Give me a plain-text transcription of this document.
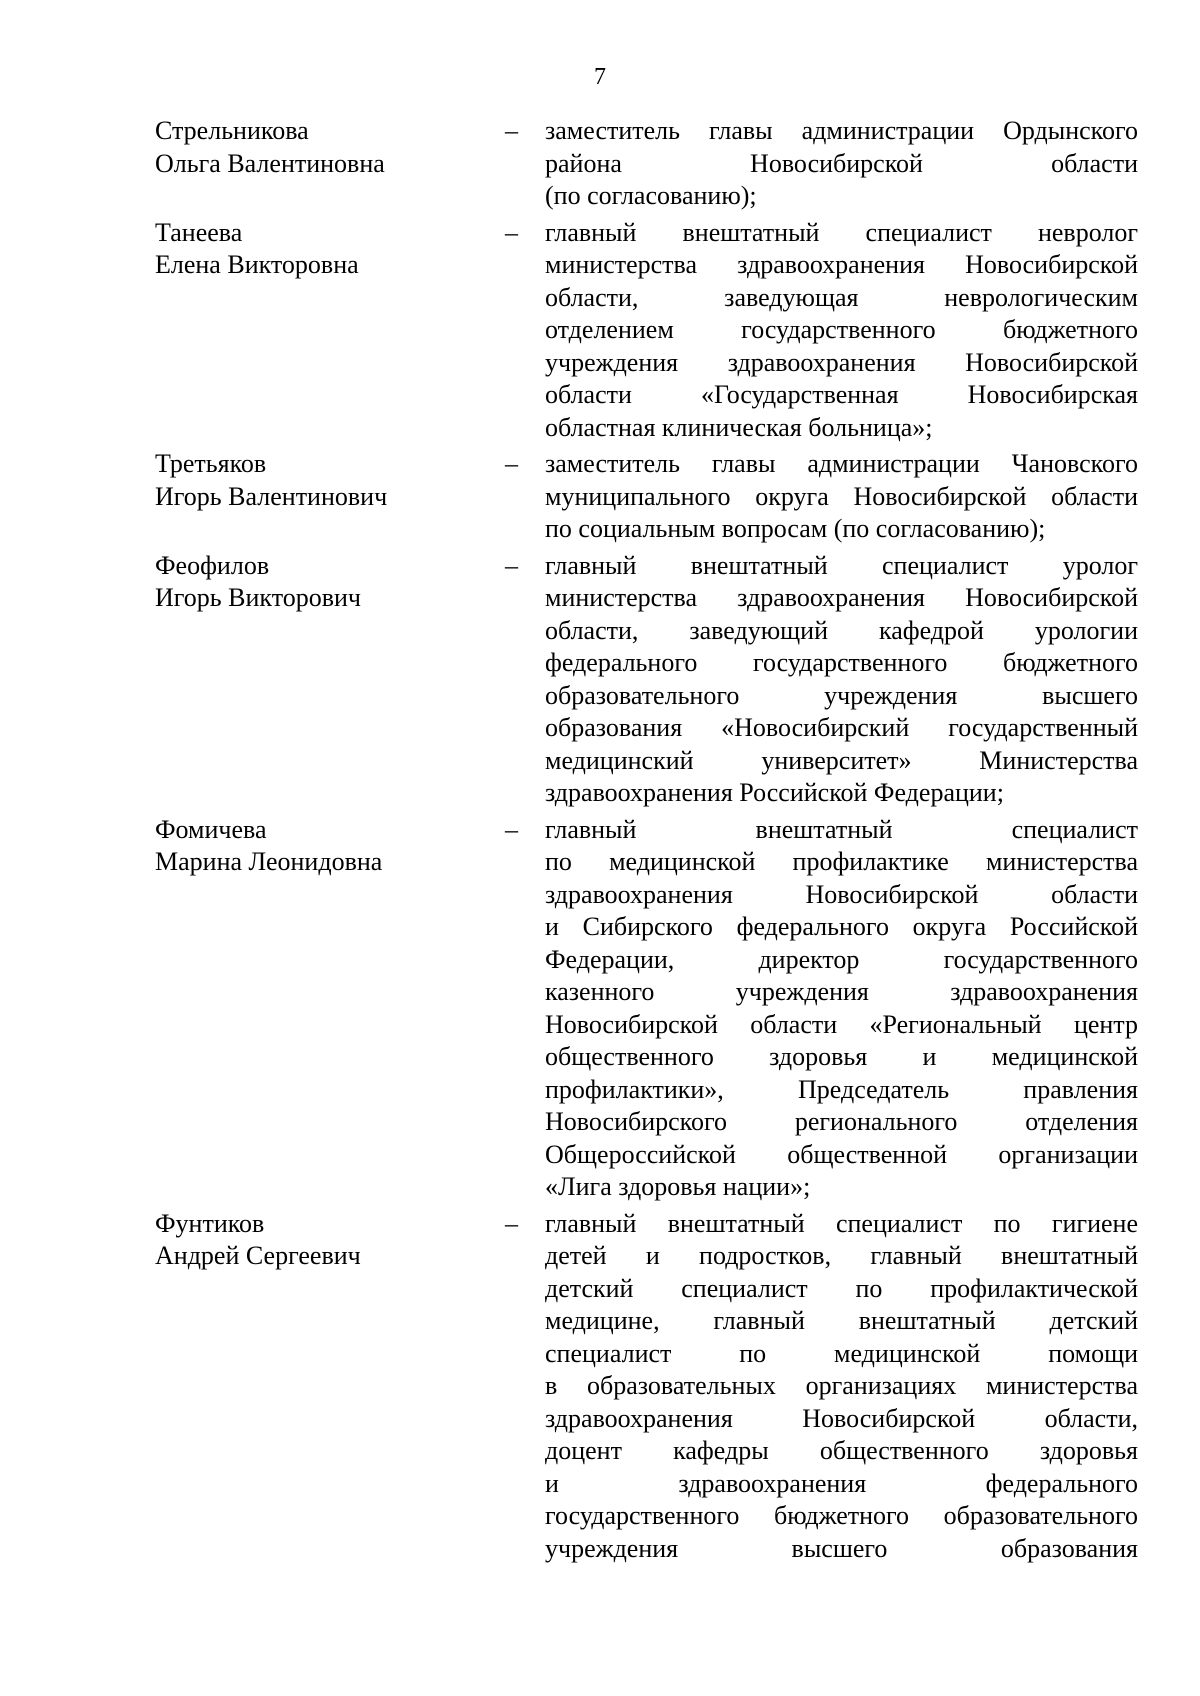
7
Стрельникова
Ольга Валентиновна
– заместитель главы администрации Ордынского
района Новосибирской области
(по согласованию);
Танеева
Елена Викторовна
– главный внештатный специалист невролог
министерства здравоохранения Новосибирской
области, заведующая неврологическим
отделением государственного бюджетного
учреждения здравоохранения Новосибирской
области «Государственная Новосибирская
областная клиническая больница»;
Третьяков
Игорь Валентинович
– заместитель главы администрации Чановского
муниципального округа Новосибирской области
по социальным вопросам (по согласованию);
Феофилов
Игорь Викторович
– главный внештатный специалист уролог
министерства здравоохранения Новосибирской
области, заведующий кафедрой урологии
федерального государственного бюджетного
образовательного учреждения высшего
образования «Новосибирский государственный
медицинский университет» Министерства
здравоохранения Российской Федерации;
Фомичева
Марина Леонидовна
– главный внештатный специалист
по медицинской профилактике министерства
здравоохранения Новосибирской области
и Сибирского федерального округа Российской
Федерации, директор государственного
казенного учреждения здравоохранения
Новосибирской области «Региональный центр
общественного здоровья и медицинской
профилактики», Председатель правления
Новосибирского регионального отделения
Общероссийской общественной организации
«Лига здоровья нации»;
Фунтиков
Андрей Сергеевич
– главный внештатный специалист по гигиене
детей и подростков, главный внештатный
детский специалист по профилактической
медицине, главный внештатный детский
специалист по медицинской помощи
в образовательных организациях министерства
здравоохранения Новосибирской области,
доцент кафедры общественного здоровья
и здравоохранения федерального
государственного бюджетного образовательного
учреждения высшего образования
